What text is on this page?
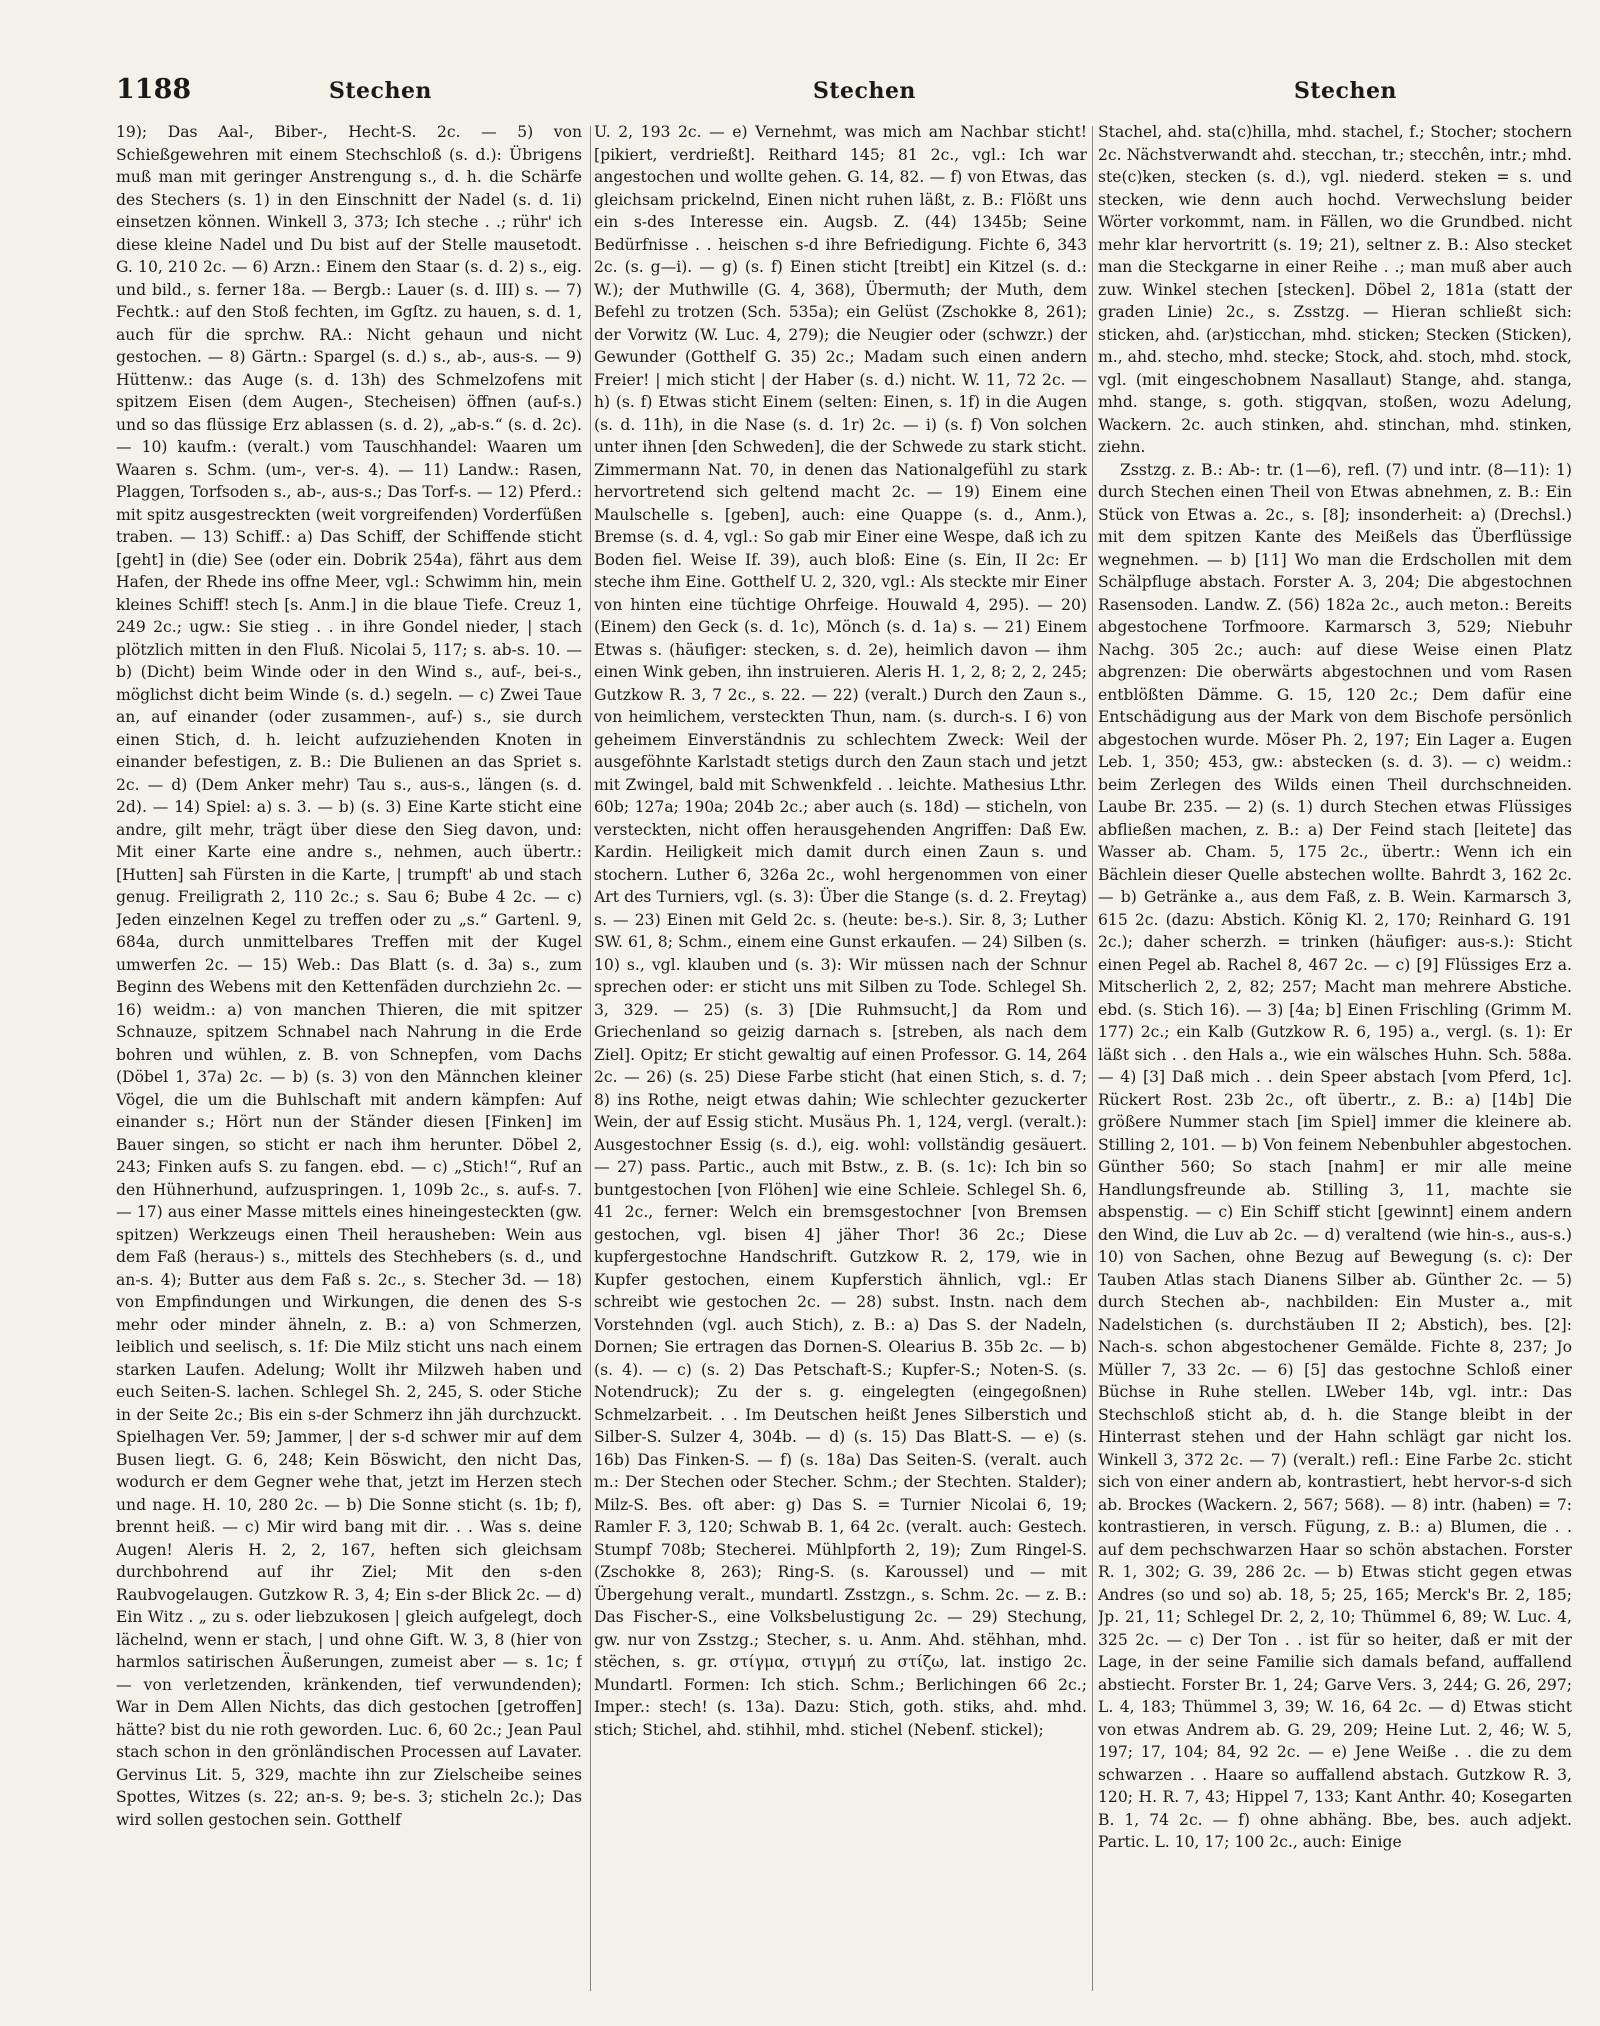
1188	Stechen	Stechen	Stechen

19); Das Aal-, Biber-, Hecht-S. 2c. — 5) von Schießgewehren mit einem Stechschloß (s. d.): Übrigens muß man mit geringer Anstrengung s., d. h. die Schärfe des Stechers (s. 1) in den Einschnitt der Nadel (s. d. 1i) einsetzen können. Winkell 3, 373; Ich steche . .; rühr' ich diese kleine Nadel und Du bist auf der Stelle mausetodt. G. 10, 210 2c. — 6) Arzn.: Einem den Staar (s. d. 2) s., eig. und bild., s. ferner 18a. — Bergb.: Lauer (s. d. III) s. — 7) Fechtk.: auf den Stoß fechten, im Ggſtz. zu hauen, s. d. 1, auch für die sprchw. RA.: Nicht gehaun und nicht gestochen. — 8) Gärtn.: Spargel (s. d.) s., ab-, aus-s. — 9) Hüttenw.: das Auge (s. d. 13h) des Schmelzofens mit spitzem Eisen (dem Augen-, Stecheisen) öffnen (auf-s.) und so das flüssige Erz ablassen (s. d. 2), „ab-s.“ (s. d. 2c). — 10) kaufm.: (veralt.) vom Tauschhandel: Waaren um Waaren s. Schm. (um-, ver-s. 4). — 11) Landw.: Rasen, Plaggen, Torfsoden s., ab-, aus-s.; Das Torf-s. — 12) Pferd.: mit spitz ausgestreckten (weit vorgreifenden) Vorderfüßen traben. — 13) Schiff.: a) Das Schiff, der Schiffende sticht [geht] in (die) See (oder ein. Dobrik 254a), fährt aus dem Hafen, der Rhede ins offne Meer, vgl.: Schwimm hin, mein kleines Schiff! stech [s. Anm.] in die blaue Tiefe. Creuz 1, 249 2c.; ugw.: Sie stieg . . in ihre Gondel nieder, | stach plötzlich mitten in den Fluß. Nicolai 5, 117; s. ab-s. 10. — b) (Dicht) beim Winde oder in den Wind s., auf-, bei-s., möglichst dicht beim Winde (s. d.) segeln. — c) Zwei Taue an, auf einander (oder zusammen-, auf-) s., sie durch einen Stich, d. h. leicht aufzuziehenden Knoten in einander befestigen, z. B.: Die Bulienen an das Spriet s. 2c. — d) (Dem Anker mehr) Tau s., aus-s., längen (s. d. 2d). — 14) Spiel: a) s. 3. — b) (s. 3) Eine Karte sticht eine andre, gilt mehr, trägt über diese den Sieg davon, und: Mit einer Karte eine andre s., nehmen, auch übertr.: [Hutten] sah Fürsten in die Karte, | trumpft' ab und stach genug. Freiligrath 2, 110 2c.; s. Sau 6; Bube 4 2c. — c) Jeden einzelnen Kegel zu treffen oder zu „s.“ Gartenl. 9, 684a, durch unmittelbares Treffen mit der Kugel umwerfen 2c. — 15) Web.: Das Blatt (s. d. 3a) s., zum Beginn des Webens mit den Kettenfäden durchziehn 2c. — 16) weidm.: a) von manchen Thieren, die mit spitzer Schnauze, spitzem Schnabel nach Nahrung in die Erde bohren und wühlen, z. B. von Schnepfen, vom Dachs (Döbel 1, 37a) 2c. — b) (s. 3) von den Männchen kleiner Vögel, die um die Buhlschaft mit andern kämpfen: Auf einander s.; Hört nun der Ständer diesen [Finken] im Bauer singen, so sticht er nach ihm herunter. Döbel 2, 243; Finken aufs S. zu fangen. ebd. — c) „Stich!“, Ruf an den Hühnerhund, aufzuspringen. 1, 109b 2c., s. auf-s. 7. — 17) aus einer Masse mittels eines hineingesteckten (gw. spitzen) Werkzeugs einen Theil herausheben: Wein aus dem Faß (heraus-) s., mittels des Stechhebers (s. d., und an-s. 4); Butter aus dem Faß s. 2c., s. Stecher 3d. — 18) von Empfindungen und Wirkungen, die denen des S-s mehr oder minder ähneln, z. B.: a) von Schmerzen, leiblich und seelisch, s. 1f: Die Milz sticht uns nach einem starken Laufen. Adelung; Wollt ihr Milzweh haben und euch Seiten-S. lachen. Schlegel Sh. 2, 245, S. oder Stiche in der Seite 2c.; Bis ein s-der Schmerz ihn jäh durchzuckt. Spielhagen Ver. 59; Jammer, | der s-d schwer mir auf dem Busen liegt. G. 6, 248; Kein Böswicht, den nicht Das, wodurch er dem Gegner wehe that, jetzt im Herzen stech und nage. H. 10, 280 2c. — b) Die Sonne sticht (s. 1b; f), brennt heiß. — c) Mir wird bang mit dir. . . Was s. deine Augen! Aleris H. 2, 2, 167, heften sich gleichsam durchbohrend auf ihr Ziel; Mit den s-den Raubvogelaugen. Gutzkow R. 3, 4; Ein s-der Blick 2c. — d) Ein Witz . „ zu s. oder liebzukosen | gleich aufgelegt, doch lächelnd, wenn er stach, | und ohne Gift. W. 3, 8 (hier von harmlos satirischen Äußerungen, zumeist aber — s. 1c; f — von verletzenden, kränkenden, tief verwundenden); War in Dem Allen Nichts, das dich gestochen [getroffen] hätte? bist du nie roth geworden. Luc. 6, 60 2c.; Jean Paul stach schon in den grönländischen Processen auf Lavater. Gervinus Lit. 5, 329, machte ihn zur Zielscheibe seines Spottes, Witzes (s. 22; an-s. 9; be-s. 3; sticheln 2c.); Das wird sollen gestochen sein. Gotthelf

U. 2, 193 2c. — e) Vernehmt, was mich am Nachbar sticht! [pikiert, verdrießt]. Reithard 145; 81 2c., vgl.: Ich war angestochen und wollte gehen. G. 14, 82. — f) von Etwas, das gleichsam prickelnd, Einen nicht ruhen läßt, z. B.: Flößt uns ein s-des Interesse ein. Augsb. Z. (44) 1345b; Seine Bedürfnisse . . heischen s-d ihre Befriedigung. Fichte 6, 343 2c. (s. g—i). — g) (s. f) Einen sticht [treibt] ein Kitzel (s. d.: W.); der Muthwille (G. 4, 368), Übermuth; der Muth, dem Befehl zu trotzen (Sch. 535a); ein Gelüst (Zschokke 8, 261); der Vorwitz (W. Luc. 4, 279); die Neugier oder (schwzr.) der Gewunder (Gotthelf G. 35) 2c.; Madam such einen andern Freier! | mich sticht | der Haber (s. d.) nicht. W. 11, 72 2c. — h) (s. f) Etwas sticht Einem (selten: Einen, s. 1f) in die Augen (s. d. 11h), in die Nase (s. d. 1r) 2c. — i) (s. f) Von solchen unter ihnen [den Schweden], die der Schwede zu stark sticht. Zimmermann Nat. 70, in denen das Nationalgefühl zu stark hervortretend sich geltend macht 2c. — 19) Einem eine Maulschelle s. [geben], auch: eine Quappe (s. d., Anm.), Bremse (s. d. 4, vgl.: So gab mir Einer eine Wespe, daß ich zu Boden fiel. Weise If. 39), auch bloß: Eine (s. Ein, II 2c: Er steche ihm Eine. Gotthelf U. 2, 320, vgl.: Als steckte mir Einer von hinten eine tüchtige Ohrfeige. Houwald 4, 295). — 20) (Einem) den Geck (s. d. 1c), Mönch (s. d. 1a) s. — 21) Einem Etwas s. (häufiger: stecken, s. d. 2e), heimlich davon — ihm einen Wink geben, ihn instruieren. Aleris H. 1, 2, 8; 2, 2, 245; Gutzkow R. 3, 7 2c., s. 22. — 22) (veralt.) Durch den Zaun s., von heimlichem, versteckten Thun, nam. (s. durch-s. I 6) von geheimem Einverständnis zu schlechtem Zweck: Weil der ausgeföhnte Karlstadt stetigs durch den Zaun stach und jetzt mit Zwingel, bald mit Schwenkfeld . . leichte. Mathesius Lthr. 60b; 127a; 190a; 204b 2c.; aber auch (s. 18d) — sticheln, von versteckten, nicht offen herausgehenden Angriffen: Daß Ew. Kardin. Heiligkeit mich damit durch einen Zaun s. und stochern. Luther 6, 326a 2c., wohl hergenommen von einer Art des Turniers, vgl. (s. 3): Über die Stange (s. d. 2. Freytag) s. — 23) Einen mit Geld 2c. s. (heute: be-s.). Sir. 8, 3; Luther SW. 61, 8; Schm., einem eine Gunst erkaufen. — 24) Silben (s. 10) s., vgl. klauben und (s. 3): Wir müssen nach der Schnur sprechen oder: er sticht uns mit Silben zu Tode. Schlegel Sh. 3, 329. — 25) (s. 3) [Die Ruhmsucht,] da Rom und Griechenland so geizig darnach s. [streben, als nach dem Ziel]. Opitz; Er sticht gewaltig auf einen Professor. G. 14, 264 2c. — 26) (s. 25) Diese Farbe sticht (hat einen Stich, s. d. 7; 8) ins Rothe, neigt etwas dahin; Wie schlechter gezuckerter Wein, der auf Essig sticht. Musäus Ph. 1, 124, vergl. (veralt.): Ausgestochner Essig (s. d.), eig. wohl: vollständig gesäuert. — 27) pass. Partic., auch mit Bstw., z. B. (s. 1c): Ich bin so buntgestochen [von Flöhen] wie eine Schleie. Schlegel Sh. 6, 41 2c., ferner: Welch ein bremsgestochner [von Bremsen gestochen, vgl. bisen 4] jäher Thor! 36 2c.; Diese kupfergestochne Handschrift. Gutzkow R. 2, 179, wie in Kupfer gestochen, einem Kupferstich ähnlich, vgl.: Er schreibt wie gestochen 2c. — 28) subst. Instn. nach dem Vorstehnden (vgl. auch Stich), z. B.: a) Das S. der Nadeln, Dornen; Sie ertragen das Dornen-S. Olearius B. 35b 2c. — b) (s. 4). — c) (s. 2) Das Petschaft-S.; Kupfer-S.; Noten-S. (s. Notendruck); Zu der s. g. eingelegten (eingegoßnen) Schmelzarbeit. . . Im Deutschen heißt Jenes Silberstich und Silber-S. Sulzer 4, 304b. — d) (s. 15) Das Blatt-S. — e) (s. 16b) Das Finken-S. — f) (s. 18a) Das Seiten-S. (veralt. auch m.: Der Stechen oder Stecher. Schm.; der Stechten. Stalder); Milz-S. Bes. oft aber: g) Das S. = Turnier Nicolai 6, 19; Ramler F. 3, 120; Schwab B. 1, 64 2c. (veralt. auch: Gestech. Stumpf 708b; Stecherei. Mühlpforth 2, 19); Zum Ringel-S. (Zschokke 8, 263); Ring-S. (s. Karoussel) und — mit Übergehung veralt., mundartl. Zsstzgn., s. Schm. 2c. — z. B.: Das Fischer-S., eine Volksbelustigung 2c. — 29) Stechung, gw. nur von Zsstzg.; Stecher, s. u. Anm. Ahd. stëhhan, mhd. stëchen, s. gr. στίγμα, στιγμή zu στίζω, lat. instigo 2c. Mundartl. Formen: Ich stich. Schm.; Berlichingen 66 2c.; Imper.: stech! (s. 13a). Dazu: Stich, goth. stiks, ahd. mhd. stich; Stichel, ahd. stihhil, mhd. stichel (Nebenf. stickel);

Stachel, ahd. sta(c)hilla, mhd. stachel, f.; Stocher; stochern 2c. Nächstverwandt ahd. stecchan, tr.; stecchên, intr.; mhd. ste(c)ken, stecken (s. d.), vgl. niederd. steken = s. und stecken, wie denn auch hochd. Verwechslung beider Wörter vorkommt, nam. in Fällen, wo die Grundbed. nicht mehr klar hervortritt (s. 19; 21), seltner z. B.: Also stecket man die Steckgarne in einer Reihe . .; man muß aber auch zuw. Winkel stechen [stecken]. Döbel 2, 181a (statt der graden Linie) 2c., s. Zsstzg. — Hieran schließt sich: sticken, ahd. (ar)sticchan, mhd. sticken; Stecken (Sticken), m., ahd. stecho, mhd. stecke; Stock, ahd. stoch, mhd. stock, vgl. (mit eingeschobnem Nasallaut) Stange, ahd. stanga, mhd. stange, s. goth. stigqvan, stoßen, wozu Adelung, Wackern. 2c. auch stinken, ahd. stinchan, mhd. stinken, ziehn.

Zsstzg. z. B.: Ab-: tr. (1—6), refl. (7) und intr. (8—11): 1) durch Stechen einen Theil von Etwas abnehmen, z. B.: Ein Stück von Etwas a. 2c., s. [8]; insonderheit: a) (Drechsl.) mit dem spitzen Kante des Meißels das Überflüssige wegnehmen. — b) [11] Wo man die Erdschollen mit dem Schälpfluge abstach. Forster A. 3, 204; Die abgestochnen Rasensoden. Landw. Z. (56) 182a 2c., auch meton.: Bereits abgestochene Torfmoore. Karmarsch 3, 529; Niebuhr Nachg. 305 2c.; auch: auf diese Weise einen Platz abgrenzen: Die oberwärts abgestochnen und vom Rasen entblößten Dämme. G. 15, 120 2c.; Dem dafür eine Entschädigung aus der Mark von dem Bischofe persönlich abgestochen wurde. Möser Ph. 2, 197; Ein Lager a. Eugen Leb. 1, 350; 453, gw.: abstecken (s. d. 3). — c) weidm.: beim Zerlegen des Wilds einen Theil durchschneiden. Laube Br. 235. — 2) (s. 1) durch Stechen etwas Flüssiges abfließen machen, z. B.: a) Der Feind stach [leitete] das Wasser ab. Cham. 5, 175 2c., übertr.: Wenn ich ein Bächlein dieser Quelle abstechen wollte. Bahrdt 3, 162 2c. — b) Getränke a., aus dem Faß, z. B. Wein. Karmarsch 3, 615 2c. (dazu: Abstich. König Kl. 2, 170; Reinhard G. 191 2c.); daher scherzh. = trinken (häufiger: aus-s.): Sticht einen Pegel ab. Rachel 8, 467 2c. — c) [9] Flüssiges Erz a. Mitscherlich 2, 2, 82; 257; Macht man mehrere Abstiche. ebd. (s. Stich 16). — 3) [4a; b] Einen Frischling (Grimm M. 177) 2c.; ein Kalb (Gutzkow R. 6, 195) a., vergl. (s. 1): Er läßt sich . . den Hals a., wie ein wälsches Huhn. Sch. 588a. — 4) [3] Daß mich . . dein Speer abstach [vom Pferd, 1c]. Rückert Rost. 23b 2c., oft übertr., z. B.: a) [14b] Die größere Nummer stach [im Spiel] immer die kleinere ab. Stilling 2, 101. — b) Von feinem Nebenbuhler abgestochen. Günther 560; So stach [nahm] er mir alle meine Handlungsfreunde ab. Stilling 3, 11, machte sie abspenstig. — c) Ein Schiff sticht [gewinnt] einem andern den Wind, die Luv ab 2c. — d) veraltend (wie hin-s., aus-s.) 10) von Sachen, ohne Bezug auf Bewegung (s. c): Der Tauben Atlas stach Dianens Silber ab. Günther 2c. — 5) durch Stechen ab-, nachbilden: Ein Muster a., mit Nadelstichen (s. durchstäuben II 2; Abstich), bes. [2]: Nach-s. schon abgestochener Gemälde. Fichte 8, 237; Jo Müller 7, 33 2c. — 6) [5] das gestochne Schloß einer Büchse in Ruhe stellen. LWeber 14b, vgl. intr.: Das Stechschloß sticht ab, d. h. die Stange bleibt in der Hinterrast stehen und der Hahn schlägt gar nicht los. Winkell 3, 372 2c. — 7) (veralt.) refl.: Eine Farbe 2c. sticht sich von einer andern ab, kontrastiert, hebt hervor-s-d sich ab. Brockes (Wackern. 2, 567; 568). — 8) intr. (haben) = 7: kontrastieren, in versch. Fügung, z. B.: a) Blumen, die . . auf dem pechschwarzen Haar so schön abstachen. Forster R. 1, 302; G. 39, 286 2c. — b) Etwas sticht gegen etwas Andres (so und so) ab. 18, 5; 25, 165; Merck's Br. 2, 185; Jp. 21, 11; Schlegel Dr. 2, 2, 10; Thümmel 6, 89; W. Luc. 4, 325 2c. — c) Der Ton . . ist für so heiter, daß er mit der Lage, in der seine Familie sich damals befand, auffallend abstiecht. Forster Br. 1, 24; Garve Vers. 3, 244; G. 26, 297; L. 4, 183; Thümmel 3, 39; W. 16, 64 2c. — d) Etwas sticht von etwas Andrem ab. G. 29, 209; Heine Lut. 2, 46; W. 5, 197; 17, 104; 84, 92 2c. — e) Jene Weiße . . die zu dem schwarzen . . Haare so auffallend abstach. Gutzkow R. 3, 120; H. R. 7, 43; Hippel 7, 133; Kant Anthr. 40; Kosegarten B. 1, 74 2c. — f) ohne abhäng. Bbe, bes. auch adjekt. Partic. L. 10, 17; 100 2c., auch: Einige
